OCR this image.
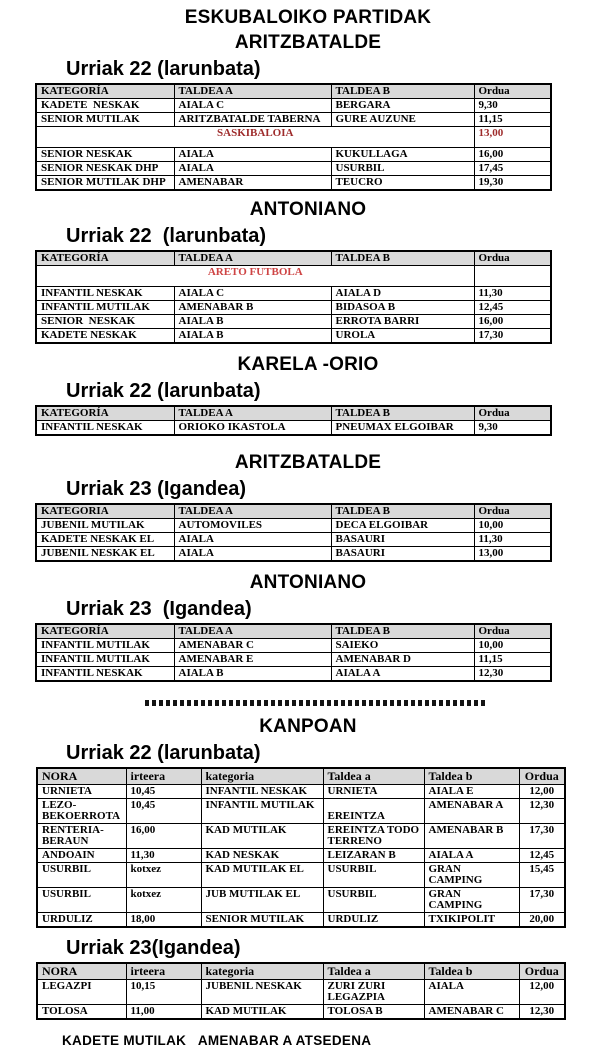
ESKUBALOIKO PARTIDAK
ARITZBATALDE
Urriak 22 (larunbata)
KATEGORÍA	TALDEA A	TALDEA B	Ordua
KADETE  NESKAK	AIALA C	BERGARA	9,30
SENIOR MUTILAK	ARITZBATALDE TABERNA	GURE AUZUNE	11,15
SASKIBALOIA			13,00
SENIOR NESKAK	AIALA	KUKULLAGA	16,00
SENIOR NESKAK DHP	AIALA	USURBIL	17,45
SENIOR MUTILAK DHP	AMENABAR	TEUCRO	19,30
ANTONIANO
Urriak 22  (larunbata)
KATEGORÍA	TALDEA A	TALDEA B	Ordua
ARETO FUTBOLA			
INFANTIL NESKAK	AIALA C	AIALA D	11,30
INFANTIL MUTILAK	AMENABAR B	BIDASOA B	12,45
SENIOR  NESKAK	AIALA B	ERROTA BARRI	16,00
KADETE NESKAK	AIALA B	UROLA	17,30
KARELA -ORIO
Urriak 22 (larunbata)
KATEGORÍA	TALDEA A	TALDEA B	Ordua
INFANTIL NESKAK	ORIOKO IKASTOLA	PNEUMAX ELGOIBAR	9,30
ARITZBATALDE
Urriak 23 (Igandea)
KATEGORIA	TALDEA A	TALDEA B	Ordua
JUBENIL MUTILAK	AUTOMOVILES	DECA ELGOIBAR	10,00
KADETE NESKAK EL	AIALA	BASAURI	11,30
JUBENIL NESKAK EL	AIALA	BASAURI	13,00
ANTONIANO
Urriak 23  (Igandea)
KATEGORÍA	TALDEA A	TALDEA B	Ordua
INFANTIL MUTILAK	AMENABAR C	SAIEKO	10,00
INFANTIL MUTILAK	AMENABAR E	AMENABAR D	11,15
INFANTIL NESKAK	AIALA B	AIALA A	12,30
KANPOAN
Urriak 22 (larunbata)
NORA	irteera	kategoria	Taldea a	Taldea b	Ordua
URNIETA	10,45	INFANTIL NESKAK	URNIETA	AIALA E	12,00
LEZO-BEKOERROTA	10,45	INFANTIL MUTILAK	EREINTZA	AMENABAR A	12,30
RENTERIA-BERAUN	16,00	KAD MUTILAK	EREINTZA TODO TERRENO	AMENABAR B	17,30
ANDOAIN	11,30	KAD NESKAK	LEIZARAN B	AIALA A	12,45
USURBIL	kotxez	KAD MUTILAK EL	USURBIL	GRAN CAMPING	15,45
USURBIL	kotxez	JUB MUTILAK EL	USURBIL	GRAN CAMPING	17,30
URDULIZ	18,00	SENIOR MUTILAK	URDULIZ	TXIKIPOLIT	20,00
Urriak 23(Igandea)
NORA	irteera	kategoria	Taldea a	Taldea b	Ordua
LEGAZPI	10,15	JUBENIL NESKAK	ZURI ZURI LEGAZPIA	AIALA	12,00
TOLOSA	11,00	KAD MUTILAK	TOLOSA B	AMENABAR C	12,30
KADETE MUTILAK   AMENABAR A ATSEDENA
